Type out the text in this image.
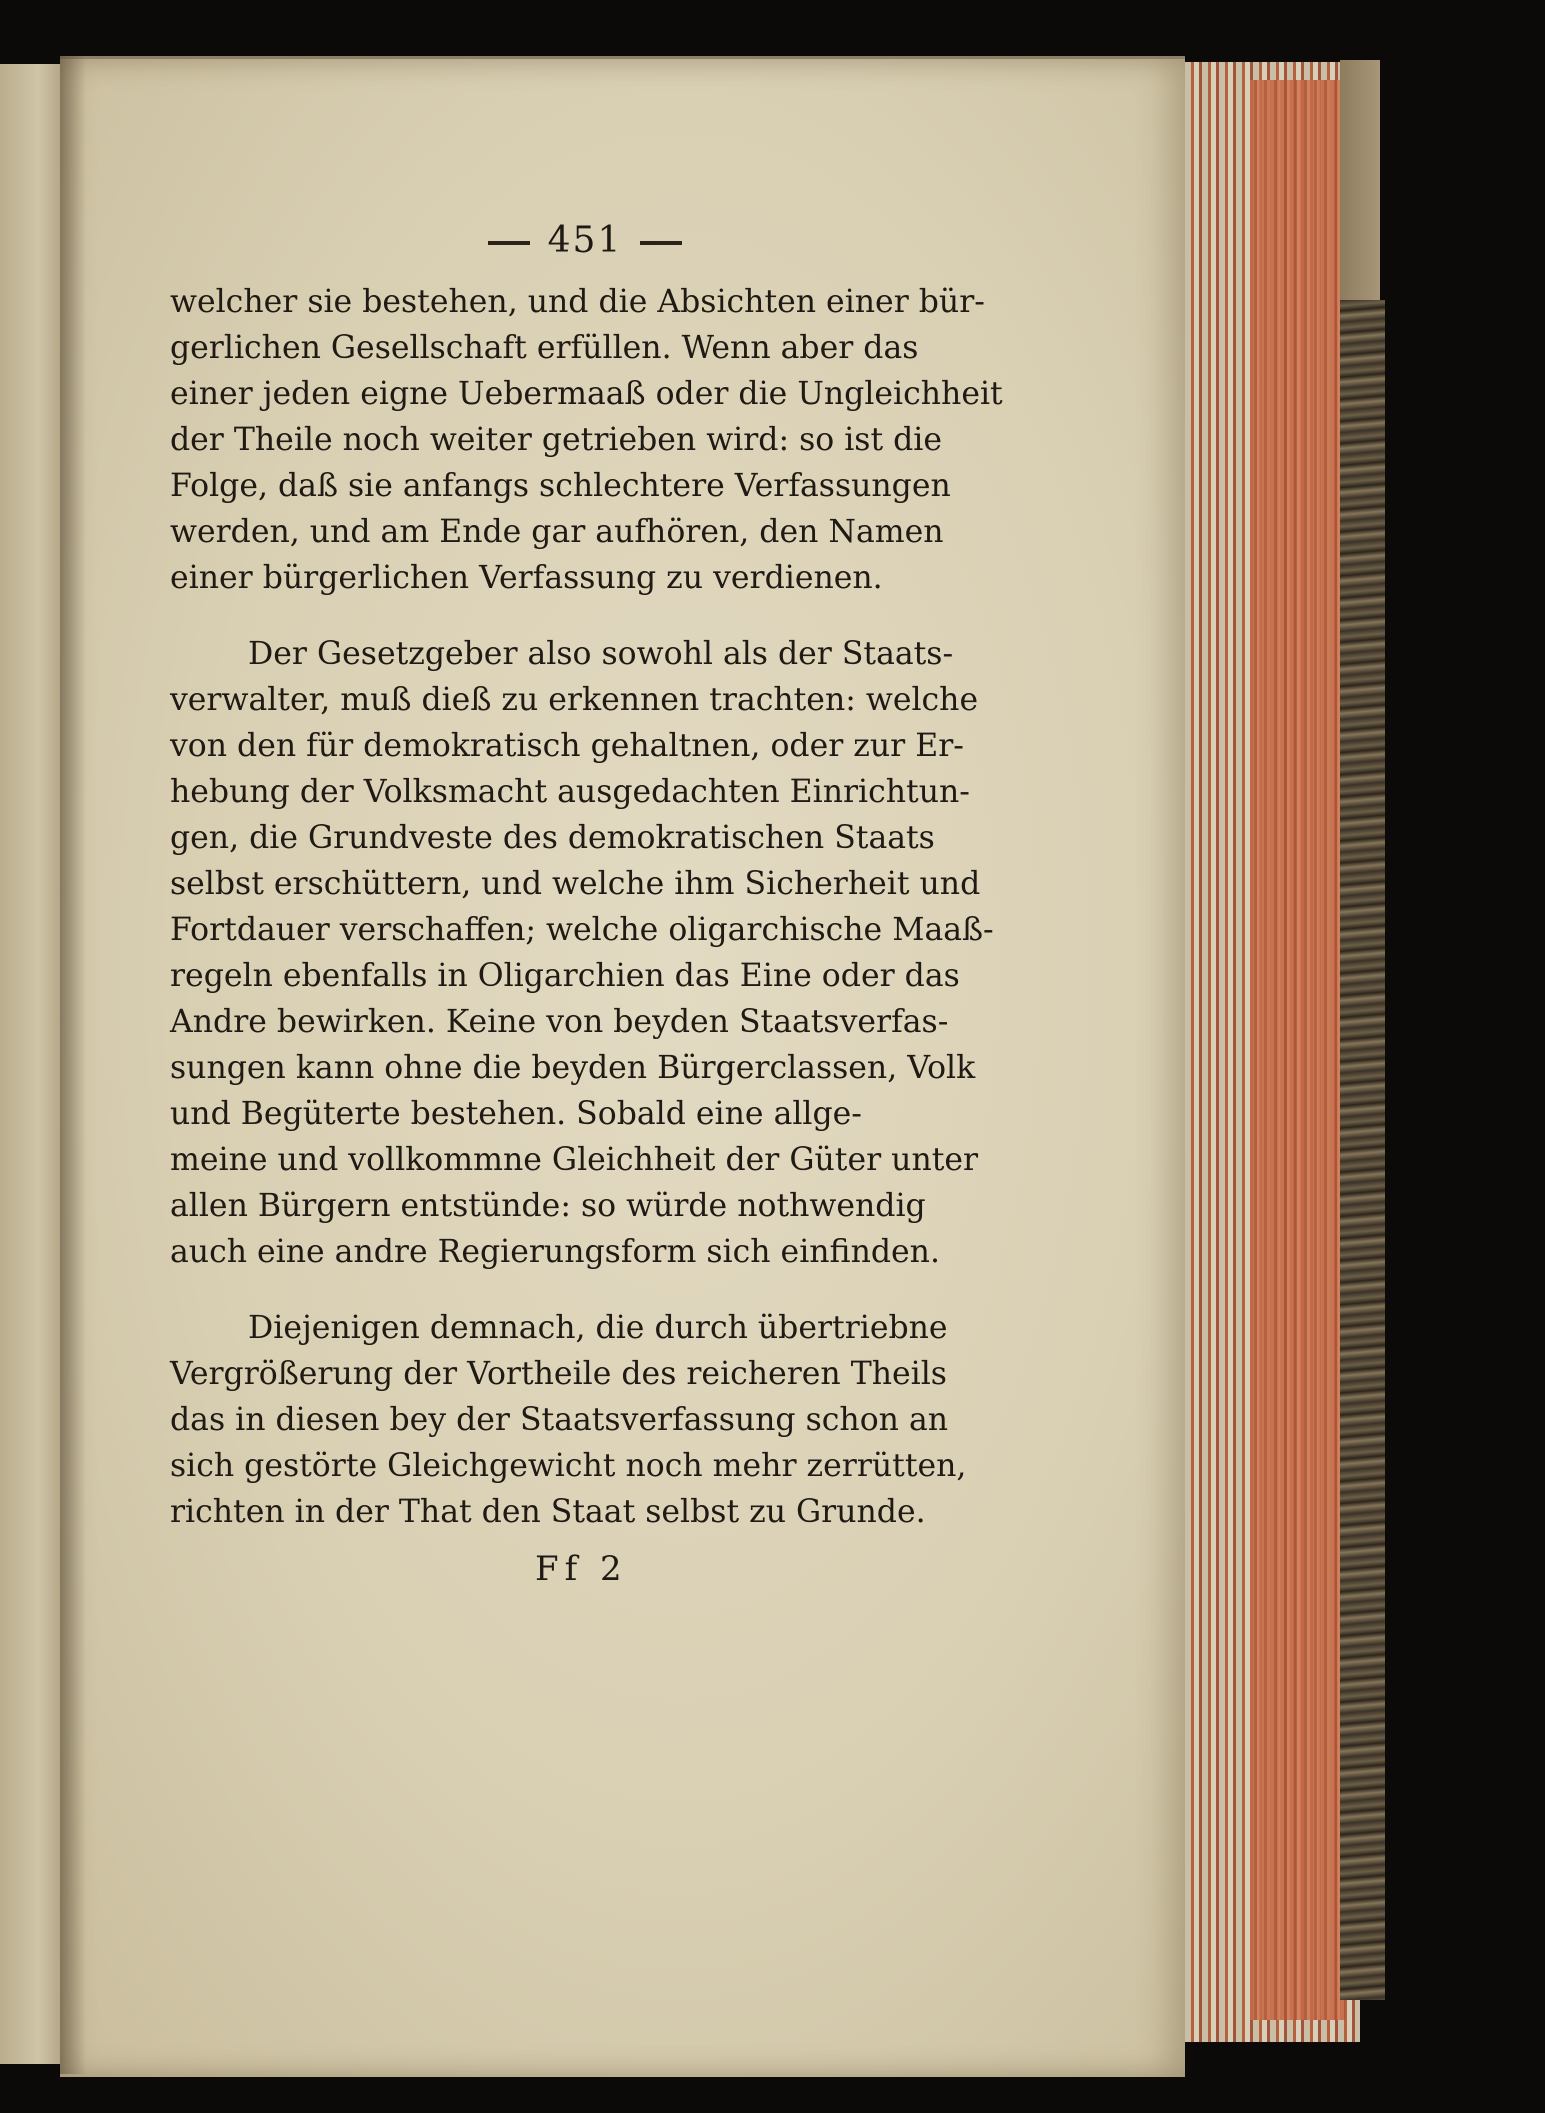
451

welcher sie bestehen, und die Absichten einer bür-
gerlichen Gesellschaft erfüllen. Wenn aber das
einer jeden eigne Uebermaaß oder die Ungleichheit
der Theile noch weiter getrieben wird: so ist die
Folge, daß sie anfangs schlechtere Verfassungen
werden, und am Ende gar aufhören, den Namen
einer bürgerlichen Verfassung zu verdienen.

Der Gesetzgeber also sowohl als der Staats-
verwalter, muß dieß zu erkennen trachten: welche
von den für demokratisch gehaltnen, oder zur Er-
hebung der Volksmacht ausgedachten Einrichtun-
gen, die Grundveste des demokratischen Staats
selbst erschüttern, und welche ihm Sicherheit und
Fortdauer verschaffen; welche oligarchische Maaß-
regeln ebenfalls in Oligarchien das Eine oder das
Andre bewirken. Keine von beyden Staatsverfas-
sungen kann ohne die beyden Bürgerclassen, Volk
und Begüterte bestehen. Sobald eine allge-
meine und vollkommne Gleichheit der Güter unter
allen Bürgern entstünde: so würde nothwendig
auch eine andre Regierungsform sich einfinden.

Diejenigen demnach, die durch übertriebne
Vergrößerung der Vortheile des reicheren Theils
das in diesen bey der Staatsverfassung schon an
sich gestörte Gleichgewicht noch mehr zerrütten,
richten in der That den Staat selbst zu Grunde.

Ff 2
